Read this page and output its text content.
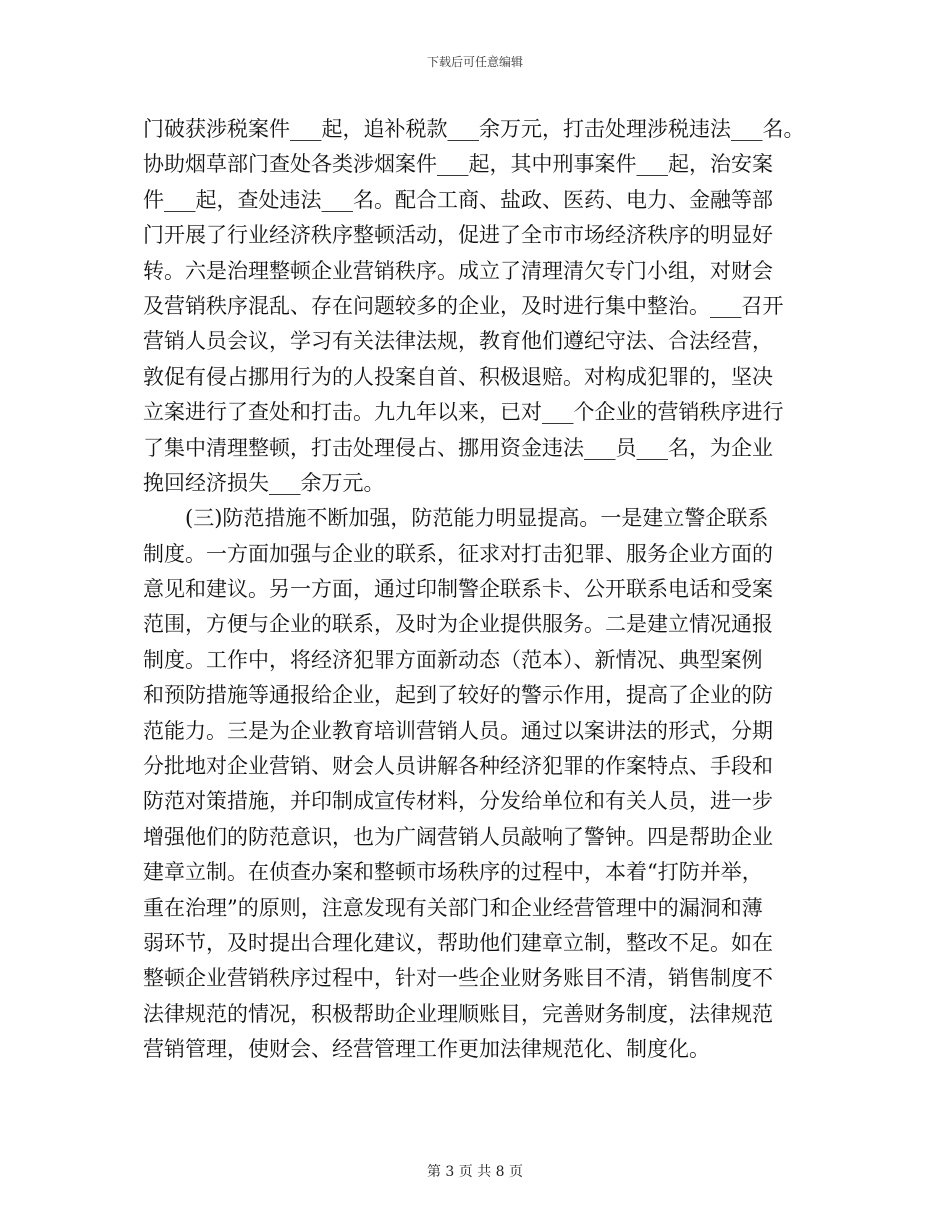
下载后可任意编辑
门破获涉税案件___起，追补税款___余万元，打击处理涉税违法___名。
协助烟草部门查处各类涉烟案件___起，其中刑事案件___起，治安案
件___起，查处违法___名。配合工商、盐政、医药、电力、金融等部
门开展了行业经济秩序整顿活动，促进了全市市场经济秩序的明显好
转。六是治理整顿企业营销秩序。成立了清理清欠专门小组，对财会
及营销秩序混乱、存在问题较多的企业，及时进行集中整治。___召开
营销人员会议，学习有关法律法规，教育他们遵纪守法、合法经营，
敦促有侵占挪用行为的人投案自首、积极退赔。对构成犯罪的，坚决
立案进行了查处和打击。九九年以来，已对___个企业的营销秩序进行
了集中清理整顿，打击处理侵占、挪用资金违法___员___名，为企业
挽回经济损失___余万元。
(三)防范措施不断加强，防范能力明显提高。一是建立警企联系
制度。一方面加强与企业的联系，征求对打击犯罪、服务企业方面的
意见和建议。另一方面，通过印制警企联系卡、公开联系电话和受案
范围，方便与企业的联系，及时为企业提供服务。二是建立情况通报
制度。工作中，将经济犯罪方面新动态（范本）、新情况、典型案例
和预防措施等通报给企业，起到了较好的警示作用，提高了企业的防
范能力。三是为企业教育培训营销人员。通过以案讲法的形式，分期
分批地对企业营销、财会人员讲解各种经济犯罪的作案特点、手段和
防范对策措施，并印制成宣传材料，分发给单位和有关人员，进一步
增强他们的防范意识，也为广阔营销人员敲响了警钟。四是帮助企业
建章立制。在侦查办案和整顿市场秩序的过程中，本着“打防并举，
重在治理”的原则，注意发现有关部门和企业经营管理中的漏洞和薄
弱环节，及时提出合理化建议，帮助他们建章立制，整改不足。如在
整顿企业营销秩序过程中，针对一些企业财务账目不清，销售制度不
法律规范的情况，积极帮助企业理顺账目，完善财务制度，法律规范
营销管理，使财会、经营管理工作更加法律规范化、制度化。
第 3 页 共 8 页
